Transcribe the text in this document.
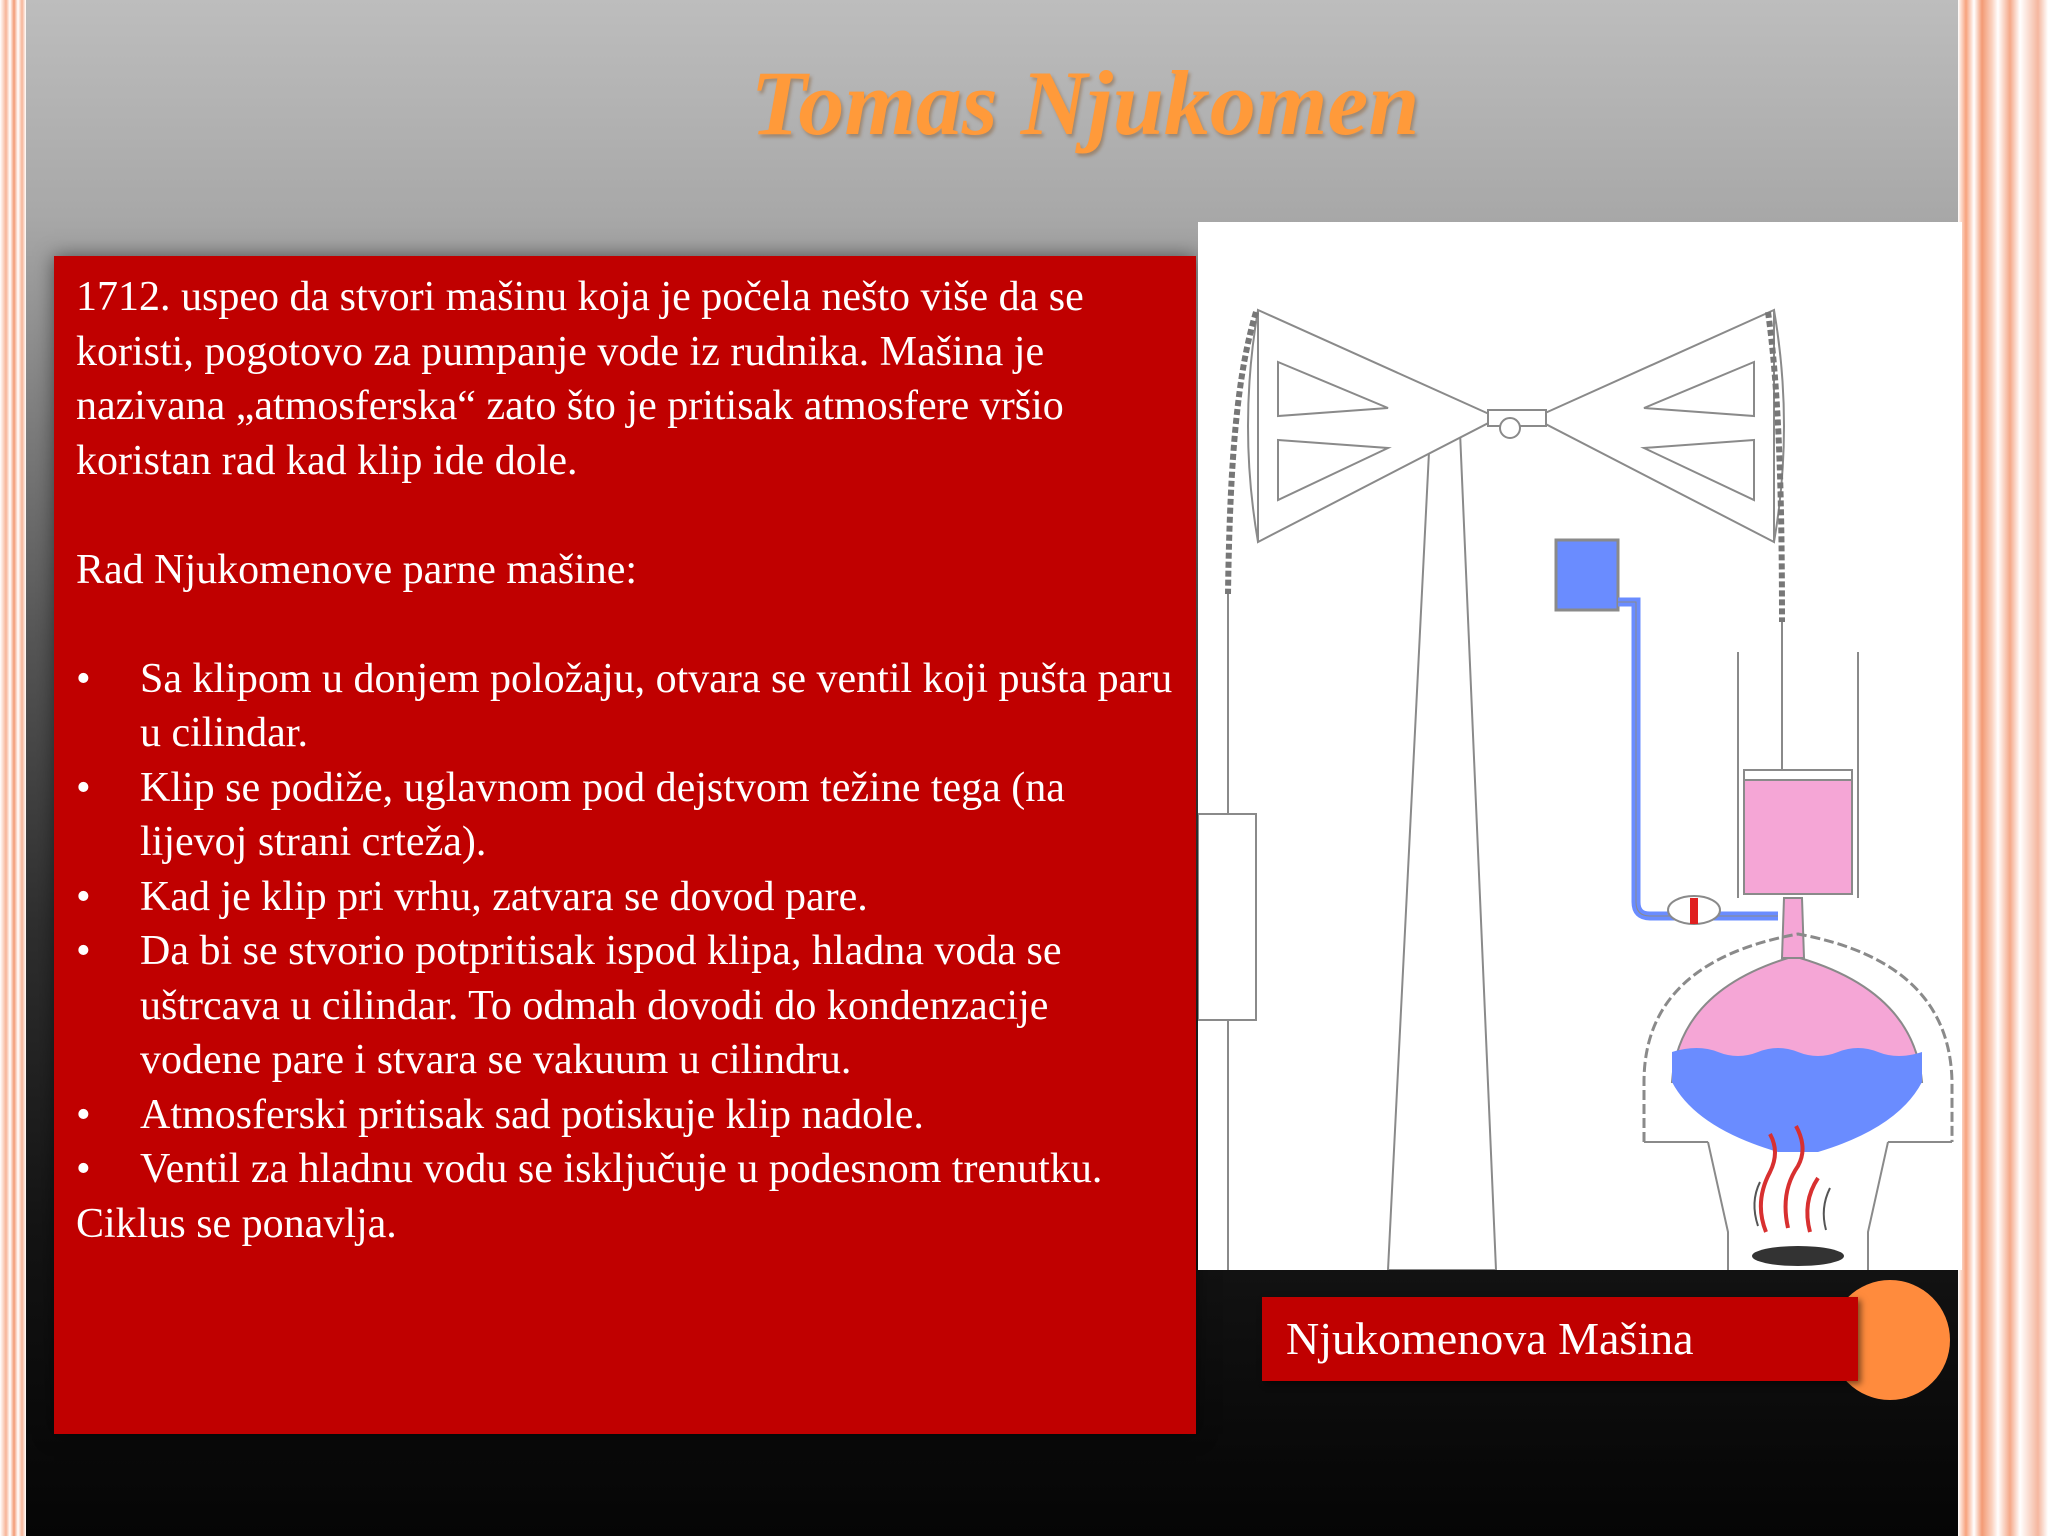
Tomas Njukomen

1712. uspeo da stvori mašinu koja je počela nešto više da se koristi, pogotovo za pumpanje vode iz rudnika. Mašina je nazivana „atmosferska“ zato što je pritisak atmosfere vršio koristan rad kad klip ide dole.

Rad Njukomenove parne mašine:

• Sa klipom u donjem položaju, otvara se ventil koji pušta paru u cilindar.
• Klip se podiže, uglavnom pod dejstvom težine tega (na lijevoj strani crteža).
• Kad je klip pri vrhu, zatvara se dovod pare.
• Da bi se stvorio potpritisak ispod klipa, hladna voda se uštrcava u cilindar. To odmah dovodi do kondenzacije vodene pare i stvara se vakuum u cilindru.
• Atmosferski pritisak sad potiskuje klip nadole.
• Ventil za hladnu vodu se isključuje u podesnom trenutku.

Ciklus se ponavlja.

Njukomenova Mašina
